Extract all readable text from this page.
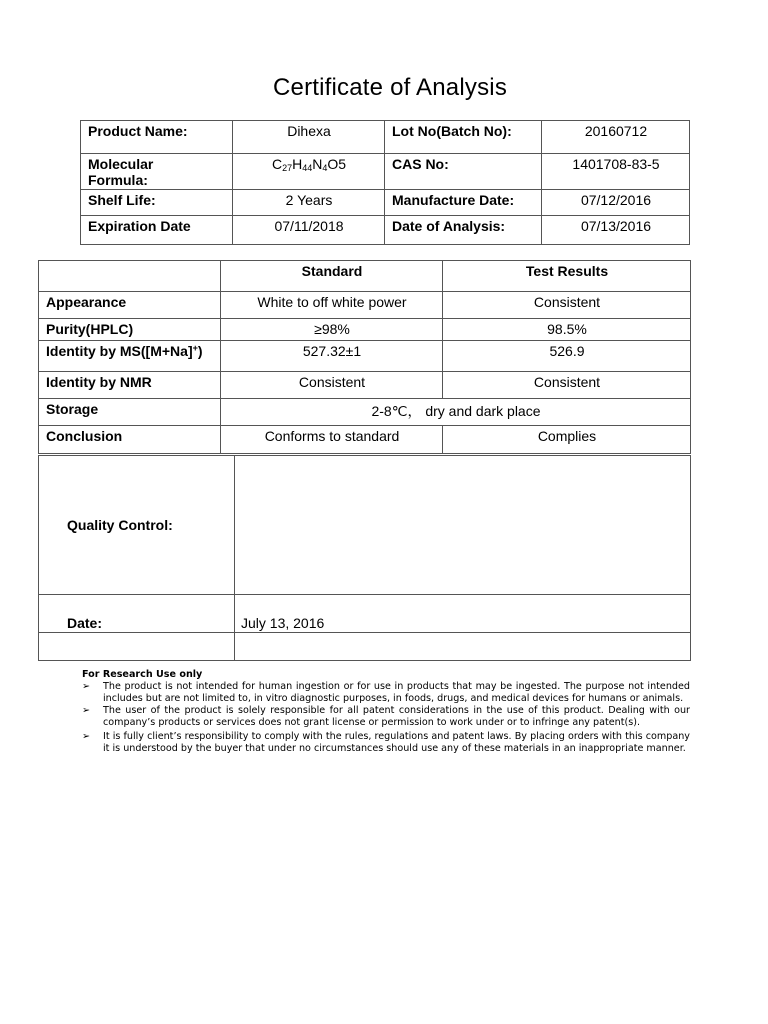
Certificate of Analysis
Product Name:	Dihexa	Lot No(Batch No):	20160712

Molecular
Formula:	$C_{27}H_{44}N_4O5$	CAS No:	1401708-83-5
Shelf Life:	2 Years	Manufacture Date:	07/12/2016
Expiration Date	07/11/2018	Date of Analysis:	07/13/2016
	Standard	Test Results
Appearance	White to off white power	Consistent
Purity(HPLC)	≥98%	98.5%
Identity by MS([M+Na]+)	527.32±1	526.9
Identity by NMR	Consistent	Consistent
Storage	2-8℃， dry and dark place	
Conclusion	Conforms to standard	Complies
Quality Control:	
Date:	July 13, 2016

For Research Use only
➢	The product is not intended for human ingestion or for use in products that may be ingested. The purpose not intended includes but are not limited to, in vitro diagnostic purposes, in foods, drugs, and medical devices for humans or animals.
➢	The user of the product is solely responsible for all patent considerations in the use of this product. Dealing with our company’s products or services does not grant license or permission to work under or to infringe any patent(s).
➢	It is fully client’s responsibility to comply with the rules, regulations and patent laws. By placing orders with this company it is understood by the buyer that under no circumstances should use any of these materials in an inappropriate manner.
